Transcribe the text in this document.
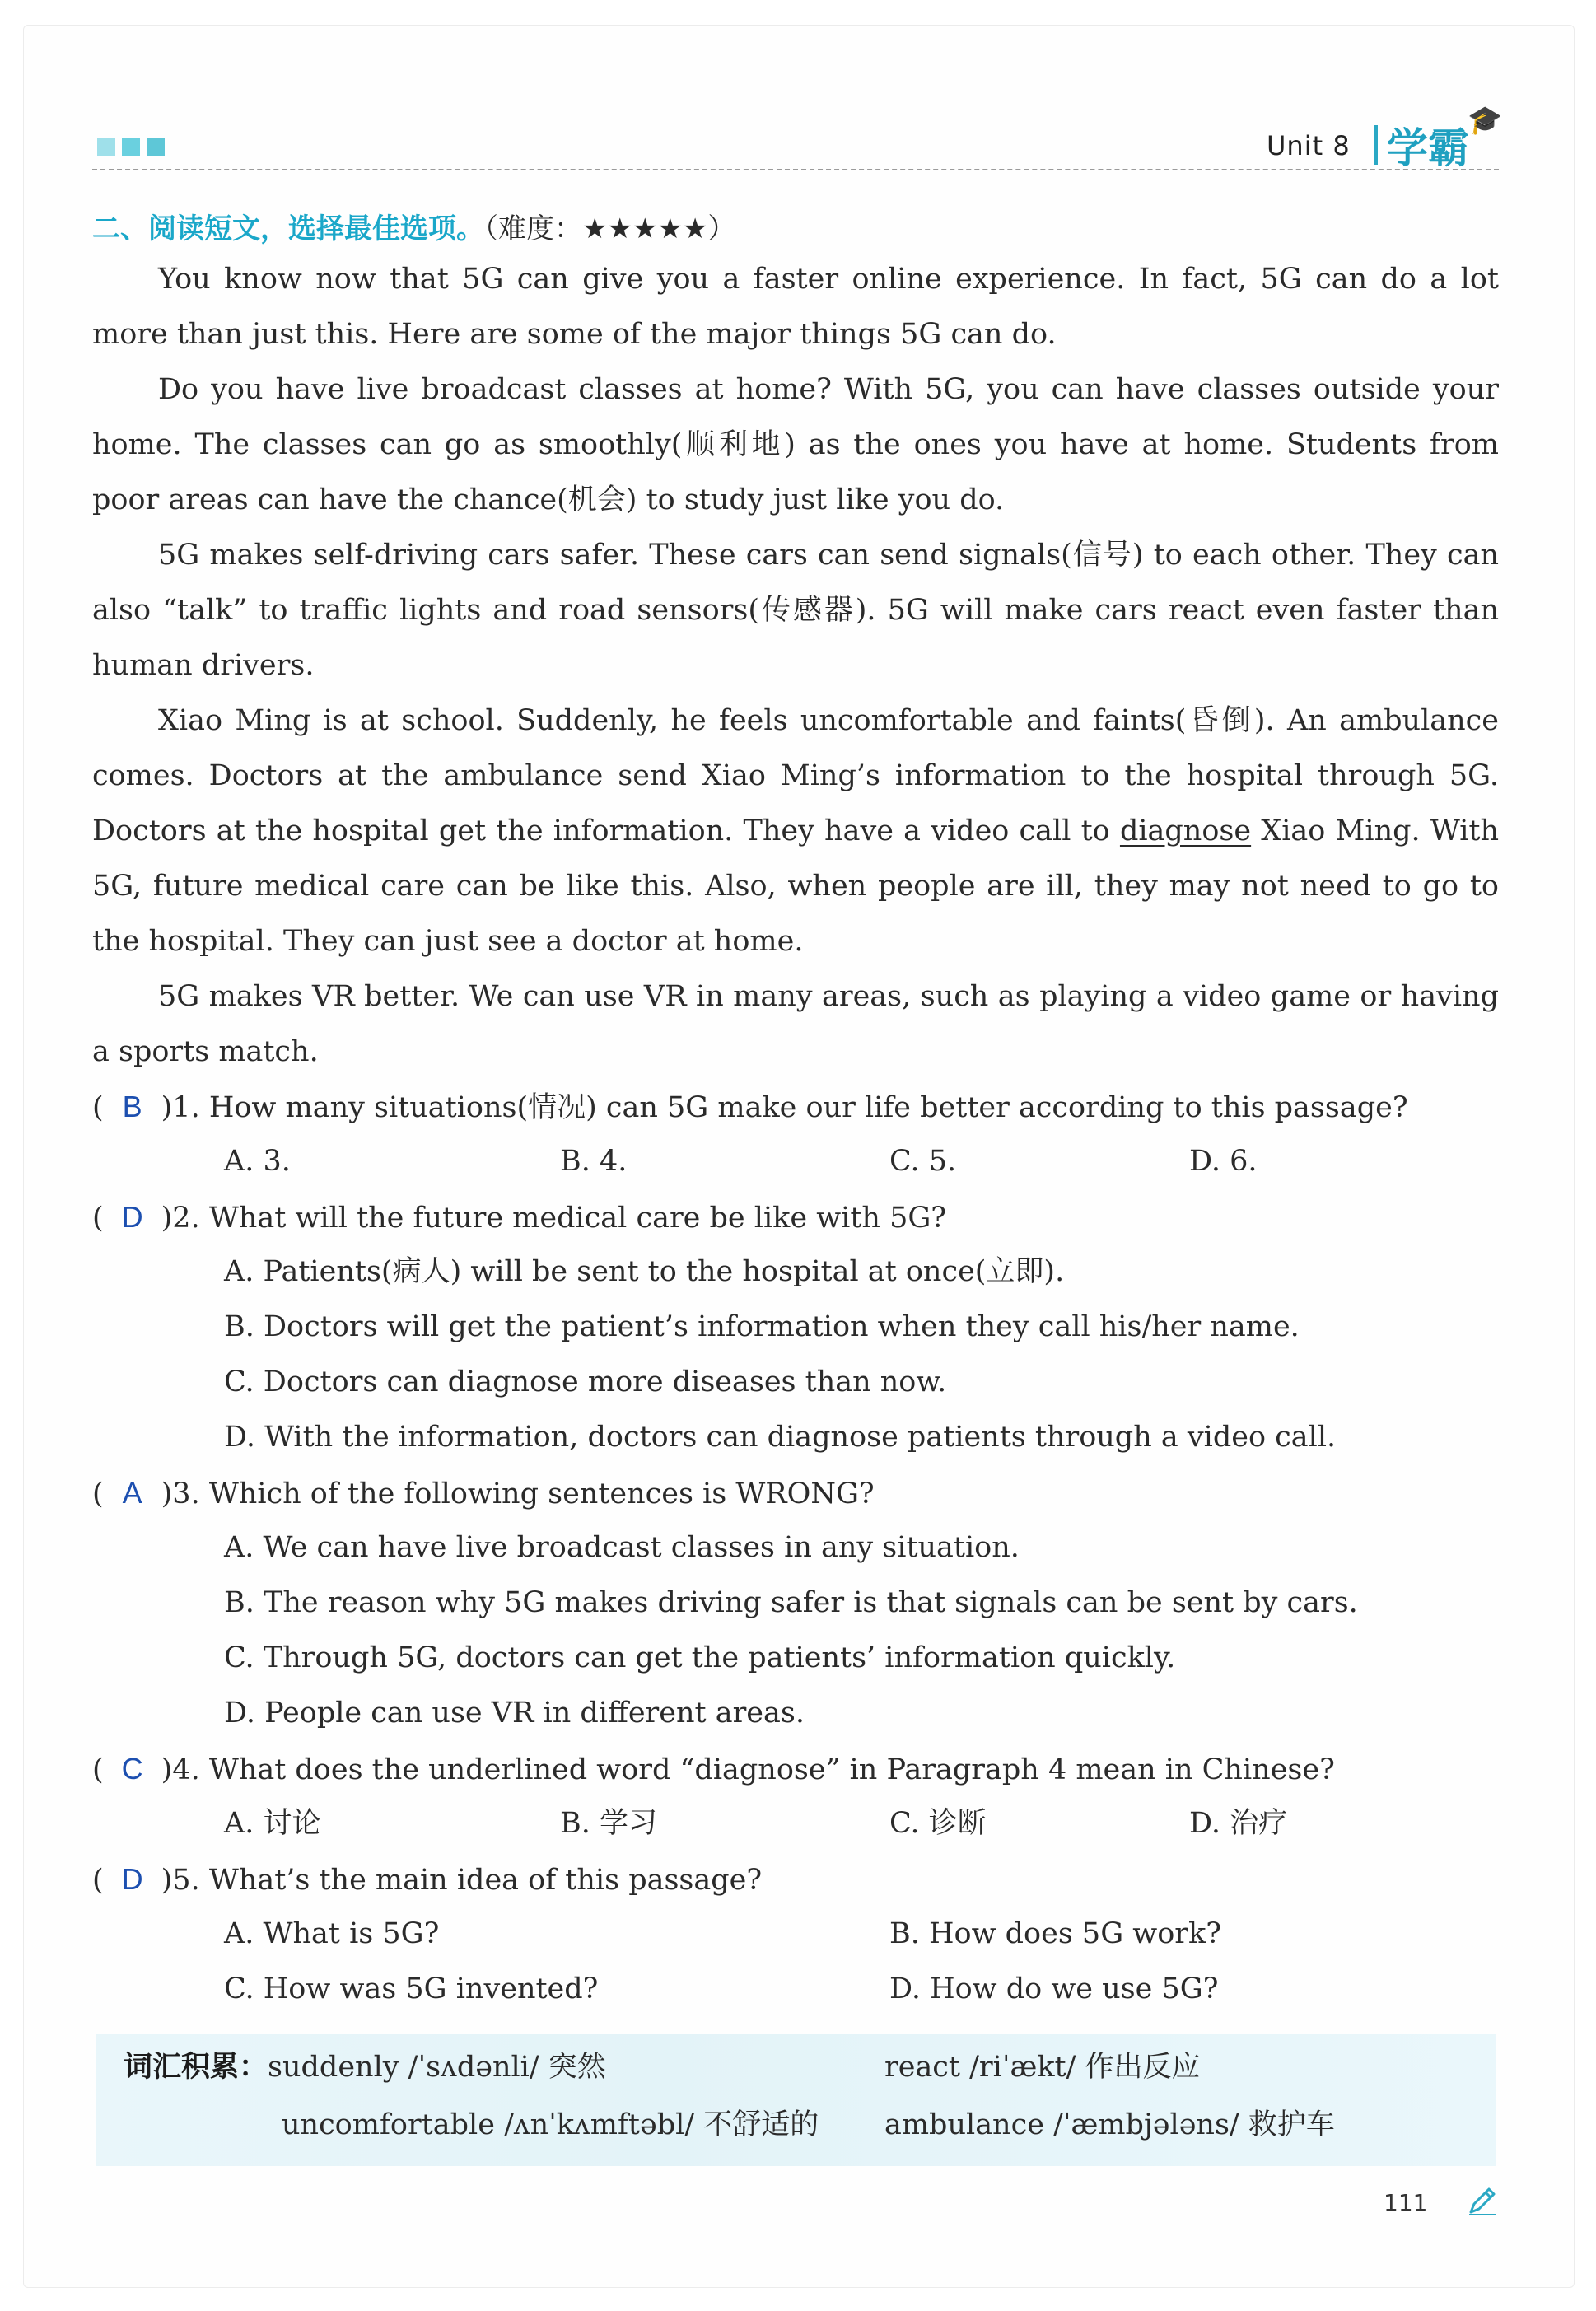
Unit 8 学霸
🎓
二、阅读短文，选择最佳选项。（难度：★★★★★）

You know now that 5G can give you a faster online experience. In fact, 5G can do a lot more than just this. Here are some of the major things 5G can do.

Do you have live broadcast classes at home? With 5G, you can have classes outside your home. The classes can go as smoothly(顺利地) as the ones you have at home. Students from poor areas can have the chance(机会) to study just like you do.

5G makes self-driving cars safer. These cars can send signals(信号) to each other. They can also “talk” to traffic lights and road sensors(传感器). 5G will make cars react even faster than human drivers.

Xiao Ming is at school. Suddenly, he feels uncomfortable and faints(昏倒). An ambulance comes. Doctors at the ambulance send Xiao Ming’s information to the hospital through 5G. Doctors at the hospital get the information. They have a video call to diagnose Xiao Ming. With 5G, future medical care can be like this. Also, when people are ill, they may not need to go to the hospital. They can just see a doctor at home.

5G makes VR better. We can use VR in many areas, such as playing a video game or having a sports match.

( B )1. How many situations(情况) can 5G make our life better according to this passage?
A. 3.	B. 4.	C. 5.	D. 6.
( D )2. What will the future medical care be like with 5G?
A. Patients(病人) will be sent to the hospital at once(立即).
B. Doctors will get the patient’s information when they call his/her name.
C. Doctors can diagnose more diseases than now.
D. With the information, doctors can diagnose patients through a video call.
( A )3. Which of the following sentences is WRONG?
A. We can have live broadcast classes in any situation.
B. The reason why 5G makes driving safer is that signals can be sent by cars.
C. Through 5G, doctors can get the patients’ information quickly.
D. People can use VR in different areas.
( C )4. What does the underlined word “diagnose” in Paragraph 4 mean in Chinese?
A. 讨论	B. 学习	C. 诊断	D. 治疗
( D )5. What’s the main idea of this passage?
A. What is 5G?	B. How does 5G work?
C. How was 5G invented?	D. How do we use 5G?
词汇积累：suddenly /ˈsʌdənli/ 突然	react /riˈækt/ 作出反应
uncomfortable /ʌnˈkʌmftəbl/ 不舒适的 ambulance /ˈæmbjələns/ 救护车
111
